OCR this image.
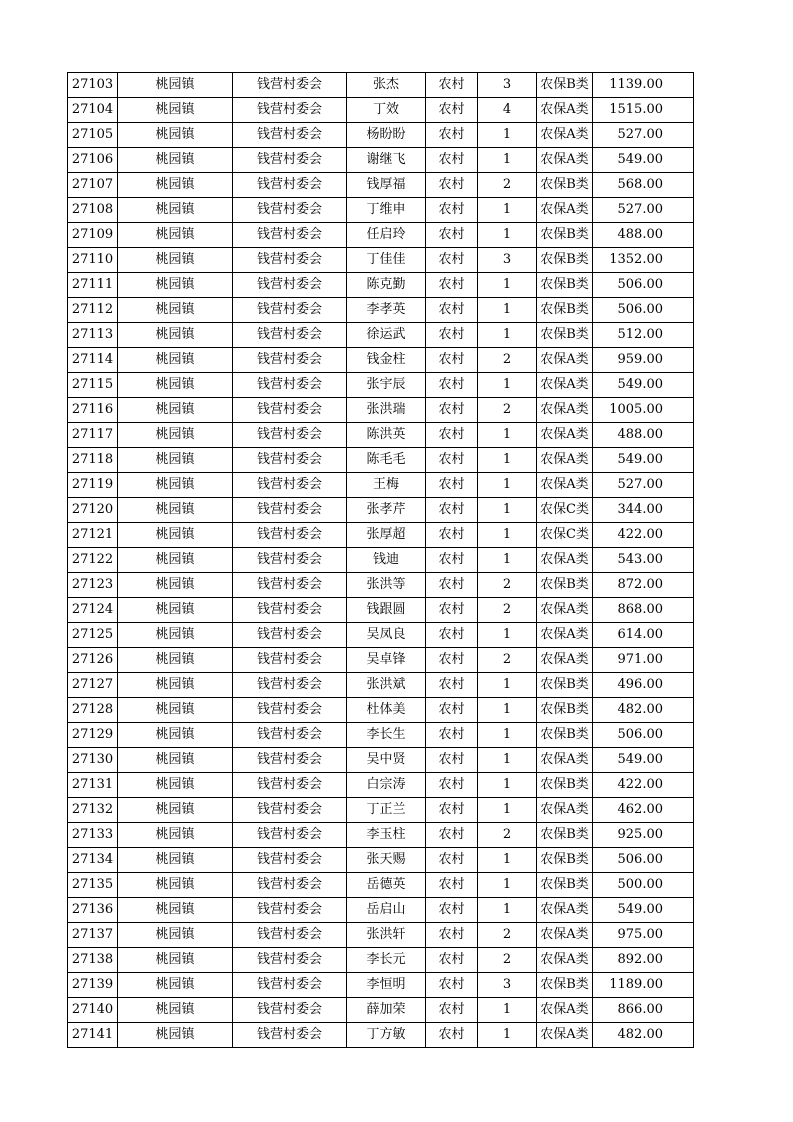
27103	桃园镇	钱营村委会	张杰	农村	3	农保B类	1139.00
27104	桃园镇	钱营村委会	丁效	农村	4	农保A类	1515.00
27105	桃园镇	钱营村委会	杨盼盼	农村	1	农保A类	527.00
27106	桃园镇	钱营村委会	谢继飞	农村	1	农保A类	549.00
27107	桃园镇	钱营村委会	钱厚福	农村	2	农保B类	568.00
27108	桃园镇	钱营村委会	丁维申	农村	1	农保A类	527.00
27109	桃园镇	钱营村委会	任启玲	农村	1	农保B类	488.00
27110	桃园镇	钱营村委会	丁佳佳	农村	3	农保B类	1352.00
27111	桃园镇	钱营村委会	陈克勤	农村	1	农保B类	506.00
27112	桃园镇	钱营村委会	李孝英	农村	1	农保B类	506.00
27113	桃园镇	钱营村委会	徐运武	农村	1	农保B类	512.00
27114	桃园镇	钱营村委会	钱金柱	农村	2	农保A类	959.00
27115	桃园镇	钱营村委会	张宇辰	农村	1	农保A类	549.00
27116	桃园镇	钱营村委会	张洪瑞	农村	2	农保A类	1005.00
27117	桃园镇	钱营村委会	陈洪英	农村	1	农保A类	488.00
27118	桃园镇	钱营村委会	陈毛毛	农村	1	农保A类	549.00
27119	桃园镇	钱营村委会	王梅	农村	1	农保A类	527.00
27120	桃园镇	钱营村委会	张孝芹	农村	1	农保C类	344.00
27121	桃园镇	钱营村委会	张厚超	农村	1	农保C类	422.00
27122	桃园镇	钱营村委会	钱迪	农村	1	农保A类	543.00
27123	桃园镇	钱营村委会	张洪等	农村	2	农保B类	872.00
27124	桃园镇	钱营村委会	钱跟圆	农村	2	农保A类	868.00
27125	桃园镇	钱营村委会	吴凤良	农村	1	农保A类	614.00
27126	桃园镇	钱营村委会	吴卓锋	农村	2	农保A类	971.00
27127	桃园镇	钱营村委会	张洪斌	农村	1	农保B类	496.00
27128	桃园镇	钱营村委会	杜体美	农村	1	农保B类	482.00
27129	桃园镇	钱营村委会	李长生	农村	1	农保B类	506.00
27130	桃园镇	钱营村委会	吴中贤	农村	1	农保A类	549.00
27131	桃园镇	钱营村委会	白宗涛	农村	1	农保B类	422.00
27132	桃园镇	钱营村委会	丁正兰	农村	1	农保A类	462.00
27133	桃园镇	钱营村委会	李玉柱	农村	2	农保B类	925.00
27134	桃园镇	钱营村委会	张天赐	农村	1	农保B类	506.00
27135	桃园镇	钱营村委会	岳德英	农村	1	农保B类	500.00
27136	桃园镇	钱营村委会	岳启山	农村	1	农保A类	549.00
27137	桃园镇	钱营村委会	张洪轩	农村	2	农保A类	975.00
27138	桃园镇	钱营村委会	李长元	农村	2	农保A类	892.00
27139	桃园镇	钱营村委会	李恒明	农村	3	农保B类	1189.00
27140	桃园镇	钱营村委会	薛加荣	农村	1	农保A类	866.00
27141	桃园镇	钱营村委会	丁方敏	农村	1	农保A类	482.00
